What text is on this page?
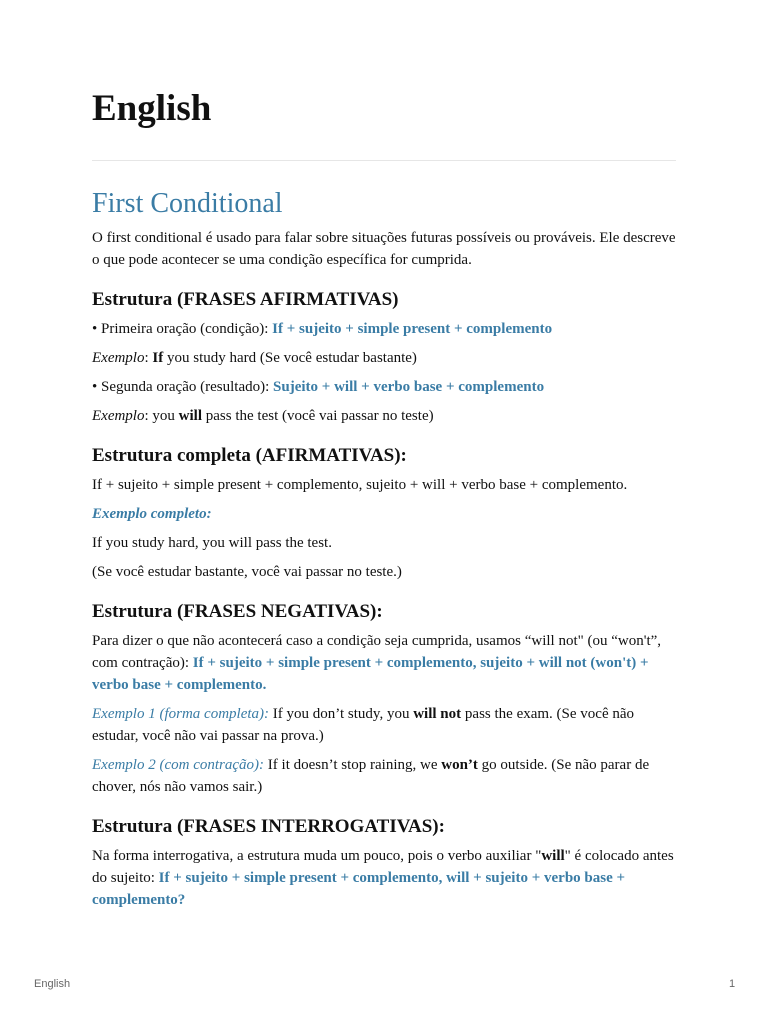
English
First Conditional

O first conditional é usado para falar sobre situações futuras possíveis ou prováveis. Ele descreve o que pode acontecer se uma condição específica for cumprida.

Estrutura (FRASES AFIRMATIVAS)

• Primeira oração (condição): If + sujeito + simple present + complemento

Exemplo: If you study hard (Se você estudar bastante)

• Segunda oração (resultado): Sujeito + will + verbo base + complemento

Exemplo: you will pass the test (você vai passar no teste)

Estrutura completa (AFIRMATIVAS):

If + sujeito + simple present + complemento, sujeito + will + verbo base + complemento.

Exemplo completo:

If you study hard, you will pass the test.

(Se você estudar bastante, você vai passar no teste.)

Estrutura (FRASES NEGATIVAS):

Para dizer o que não acontecerá caso a condição seja cumprida, usamos “will not" (ou “won't”, com contração): If + sujeito + simple present + complemento, sujeito + will not (won't) + verbo base + complemento.

Exemplo 1 (forma completa): If you don’t study, you will not pass the exam. (Se você não estudar, você não vai passar na prova.)

Exemplo 2 (com contração): If it doesn’t stop raining, we won’t go outside. (Se não parar de chover, nós não vamos sair.)

Estrutura (FRASES INTERROGATIVAS):

Na forma interrogativa, a estrutura muda um pouco, pois o verbo auxiliar "will" é colocado antes do sujeito: If + sujeito + simple present + complemento, will + sujeito + verbo base + complemento?

English	1
